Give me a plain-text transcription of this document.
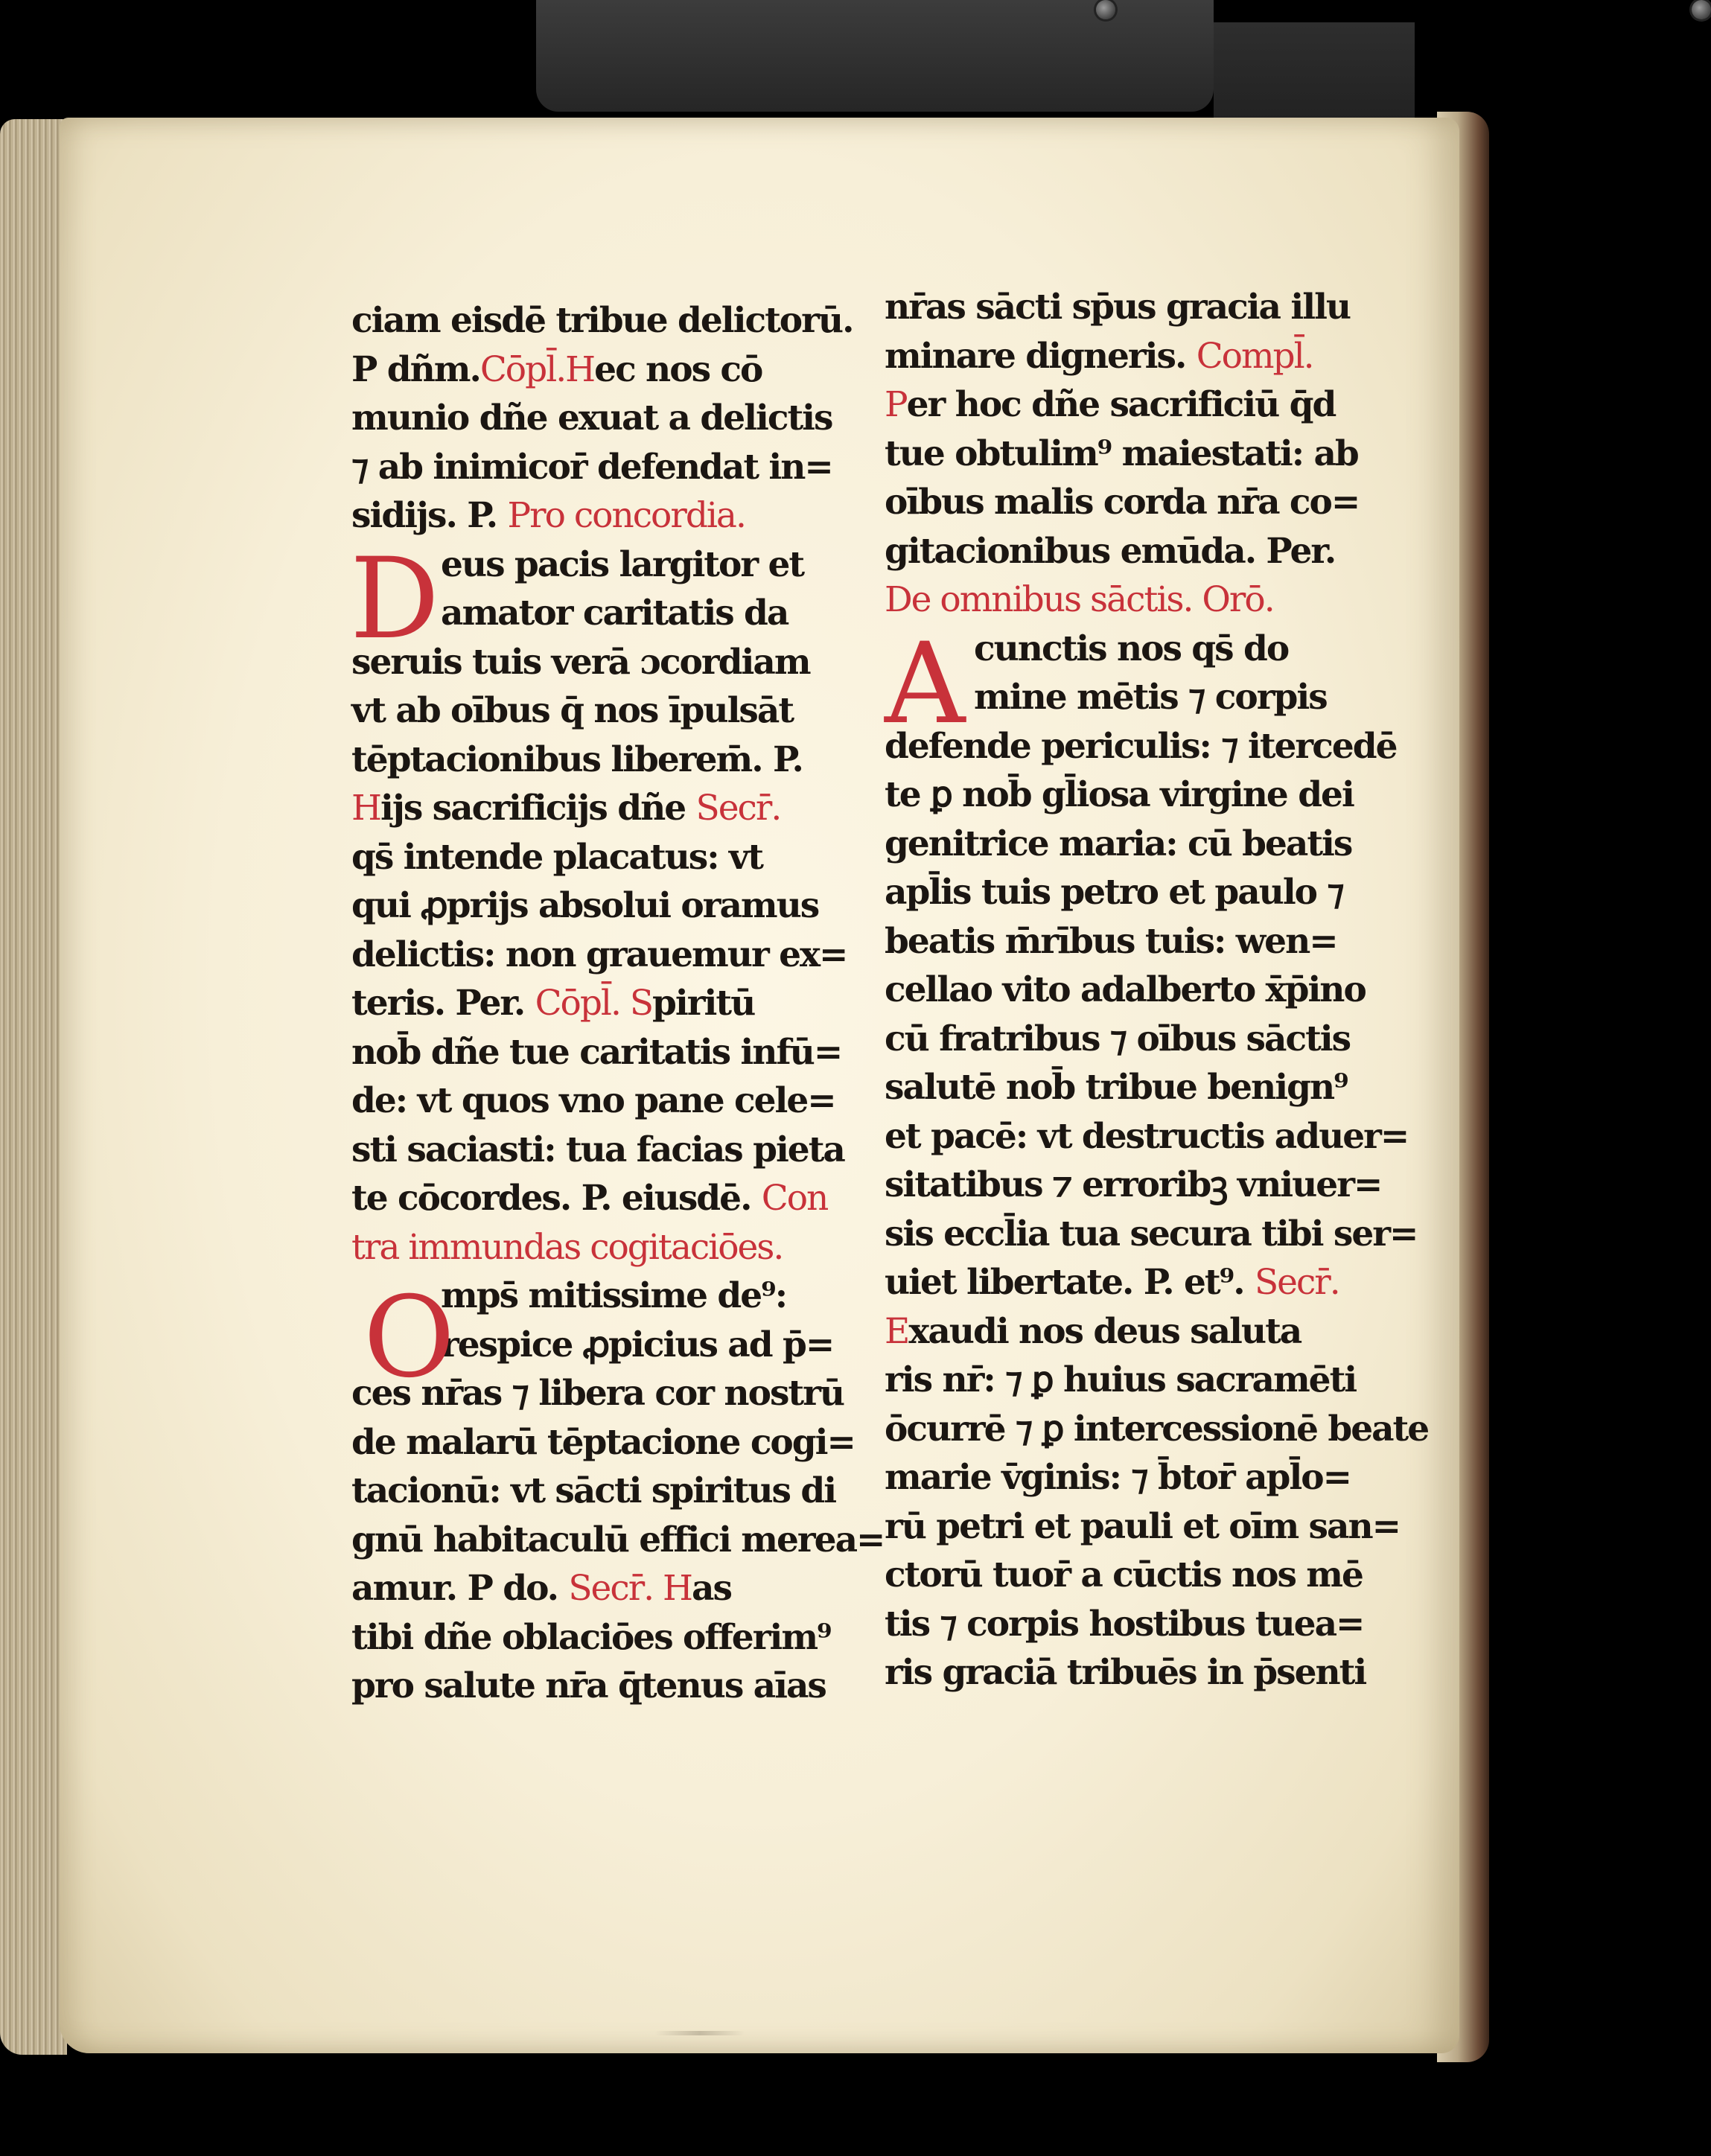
ciam eisdē tribue delictorū.
P dñm.Cōpl̄.Hec nos cō
munio dñe exuat a delictis
⁊ ab inimicor̄ defendat in=
sidijs. P. Pro concordia.
eus pacis largitor et
amator caritatis da
seruis tuis verā ɔcordiam
vt ab oībus q̄ nos īpulsāt
tēptacionibus liberem̄. P.
Hijs sacrificijs dñe Secr̄.
qs̄ intende placatus: vt
qui ꝓprijs absolui oramus
delictis: non grauemur ex=
teris. Per. Cōpl̄. Spiritū
nob̄ dñe tue caritatis infū=
de: vt quos vno pane cele=
sti saciasti: tua facias pieta
te cōcordes. P. eiusdē. Con
tra immundas cogitaciōes.
mps̄ mitissime de⁹:
respice ꝓpicius ad p̄=
ces nr̄as ⁊ libera cor nostrū
de malarū tēptacione cogi=
tacionū: vt sācti spiritus di
gnū habitaculū effici merea=
amur. P do. Secr̄. Has
tibi dñe oblaciōes offerim⁹
pro salute nr̄a q̄tenus aīas
nr̄as sācti sp̄us gracia illu
minare digneris. Compl̄.
Per hoc dñe sacrificiū q̄d
tue obtulim⁹ maiestati: ab
oībus malis corda nr̄a co=
gitacionibus emūda. Per.
De omnibus sāctis. Orō.
cunctis nos qs̄ do
mine mētis ⁊ corpis
defende periculis: ⁊ itercedē
te ꝑ nob̄ gl̄iosa virgine dei
genitrice maria: cū beatis
apl̄is tuis petro et paulo ⁊
beatis m̄rībus tuis: wen=
cellao vito adalberto x̄p̄ino
cū fratribus ⁊ oībus sāctis
salutē nob̄ tribue benign⁹
et pacē: vt destructis aduer=
sitatibus ⁊ erroribꝫ vniuer=
sis eccl̄ia tua secura tibi ser=
uiet libertate. P. et⁹. Secr̄.
Exaudi nos deus saluta
ris nr̄: ⁊ ꝑ huius sacramēti
ōcurrē ⁊ ꝑ intercessionē beate
marie v̄ginis: ⁊ b̄tor̄ apl̄o=
rū petri et pauli et oīm san=
ctorū tuor̄ a cūctis nos mē
tis ⁊ corpis hostibus tuea=
ris graciā tribuēs in p̄senti
D
O
A
